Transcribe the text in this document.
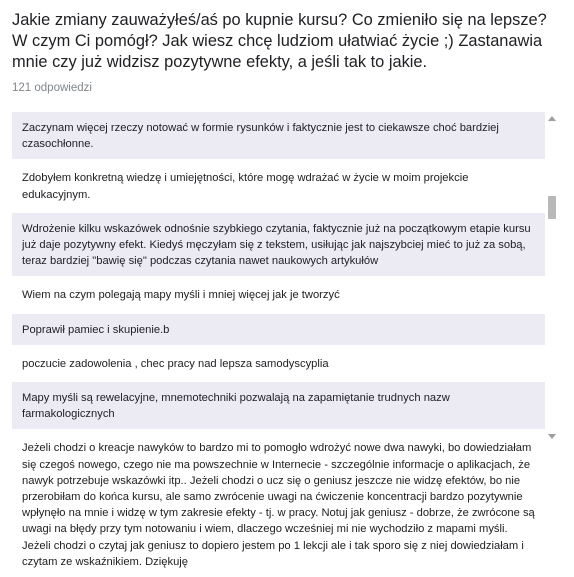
Jakie zmiany zauważyłeś/aś po kupnie kursu? Co zmieniło się na lepsze? W czym Ci pomógł? Jak wiesz chcę ludziom ułatwiać życie ;) Zastanawia mnie czy już widzisz pozytywne efekty, a jeśli tak to jakie.

121 odpowiedzi
Zaczynam więcej rzeczy notować w formie rysunków i faktycznie jest to ciekawsze choć bardziej czasochłonne.
Zdobyłem konkretną wiedzę i umiejętności, które mogę wdrażać w życie w moim projekcie edukacyjnym.
Wdrożenie kilku wskazówek odnośnie szybkiego czytania, faktycznie już na początkowym etapie kursu już daje pozytywny efekt. Kiedyś męczyłam się z tekstem, usiłując jak najszybciej mieć to już za sobą, teraz bardziej "bawię się" podczas czytania nawet naukowych artykułów
Wiem na czym polegają mapy myśli i mniej więcej jak je tworzyć
Poprawił pamiec i skupienie.b
poczucie zadowolenia , chec pracy nad lepsza samodyscyplia
Mapy myśli są rewelacyjne, mnemotechniki pozwalają na zapamiętanie trudnych nazw farmakologicznych
Jeżeli chodzi o kreacje nawyków to bardzo mi to pomogło wdrożyć nowe dwa nawyki, bo dowiedziałam się czegoś nowego, czego nie ma powszechnie w Internecie - szczególnie informacje o aplikacjach, że nawyk potrzebuje wskazówki itp.. Jeżeli chodzi o ucz się o geniusz jeszcze nie widzę efektów, bo nie przerobiłam do końca kursu, ale samo zwrócenie uwagi na ćwiczenie koncentracji bardzo pozytywnie wpłynęło na mnie i widzę w tym zakresie efekty - tj. w pracy. Notuj jak geniusz - dobrze, że zwrócone są uwagi na błędy przy tym notowaniu i wiem, dlaczego wcześniej mi nie wychodziło z mapami myśli. Jeżeli chodzi o czytaj jak geniusz to dopiero jestem po 1 lekcji ale i tak sporo się z niej dowiedziałam i czytam ze wskaźnikiem. Dziękuję
